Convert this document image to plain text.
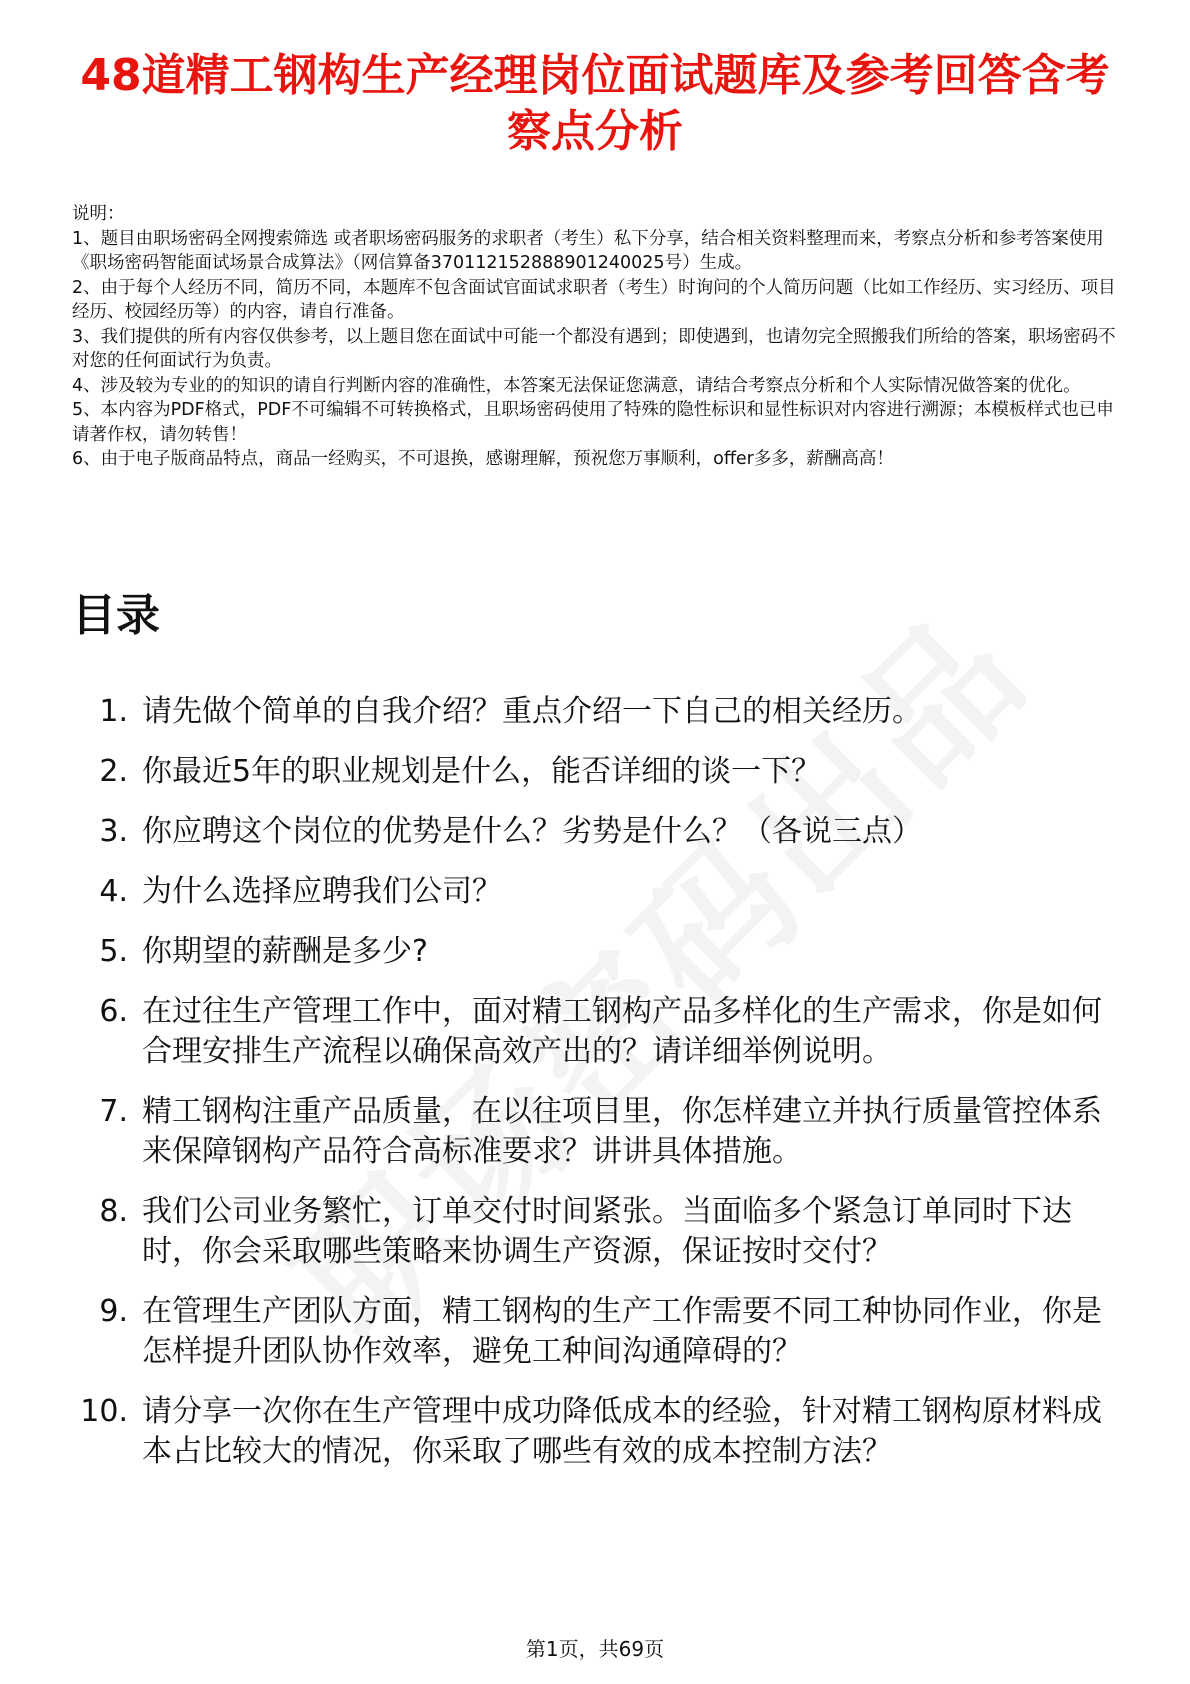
48道精工钢构生产经理岗位面试题库及参考回答含考察点分析

说明：

1、题目由职场密码全网搜索筛选 或者职场密码服务的求职者（考生）私下分享，结合相关资料整理而来，考察点分析和参考答案使用《职场密码智能面试场景合成算法》（网信算备370112152888901240025号）生成。

2、由于每个人经历不同，简历不同，本题库不包含面试官面试求职者（考生）时询问的个人简历问题（比如工作经历、实习经历、项目经历、校园经历等）的内容，请自行准备。

3、我们提供的所有内容仅供参考，以上题目您在面试中可能一个都没有遇到；即使遇到，也请勿完全照搬我们所给的答案，职场密码不对您的任何面试行为负责。

4、涉及较为专业的的知识的请自行判断内容的准确性，本答案无法保证您满意，请结合考察点分析和个人实际情况做答案的优化。

5、本内容为PDF格式，PDF不可编辑不可转换格式，且职场密码使用了特殊的隐性标识和显性标识对内容进行溯源；本模板样式也已申请著作权，请勿转售！

6、由于电子版商品特点，商品一经购买，不可退换，感谢理解，预祝您万事顺利，offer多多，薪酬高高！

目录
1. 请先做个简单的自我介绍？重点介绍一下自己的相关经历。
2. 你最近5年的职业规划是什么，能否详细的谈一下？
3. 你应聘这个岗位的优势是什么？劣势是什么？（各说三点）
4. 为什么选择应聘我们公司？
5. 你期望的薪酬是多少?
6. 在过往生产管理工作中，面对精工钢构产品多样化的生产需求，你是如何合理安排生产流程以确保高效产出的？请详细举例说明。
7. 精工钢构注重产品质量，在以往项目里，你怎样建立并执行质量管控体系来保障钢构产品符合高标准要求？讲讲具体措施。
8. 我们公司业务繁忙，订单交付时间紧张。当面临多个紧急订单同时下达时，你会采取哪些策略来协调生产资源，保证按时交付？
9. 在管理生产团队方面，精工钢构的生产工作需要不同工种协同作业，你是怎样提升团队协作效率，避免工种间沟通障碍的？
10. 请分享一次你在生产管理中成功降低成本的经验，针对精工钢构原材料成本占比较大的情况，你采取了哪些有效的成本控制方法？
第1页，共69页
